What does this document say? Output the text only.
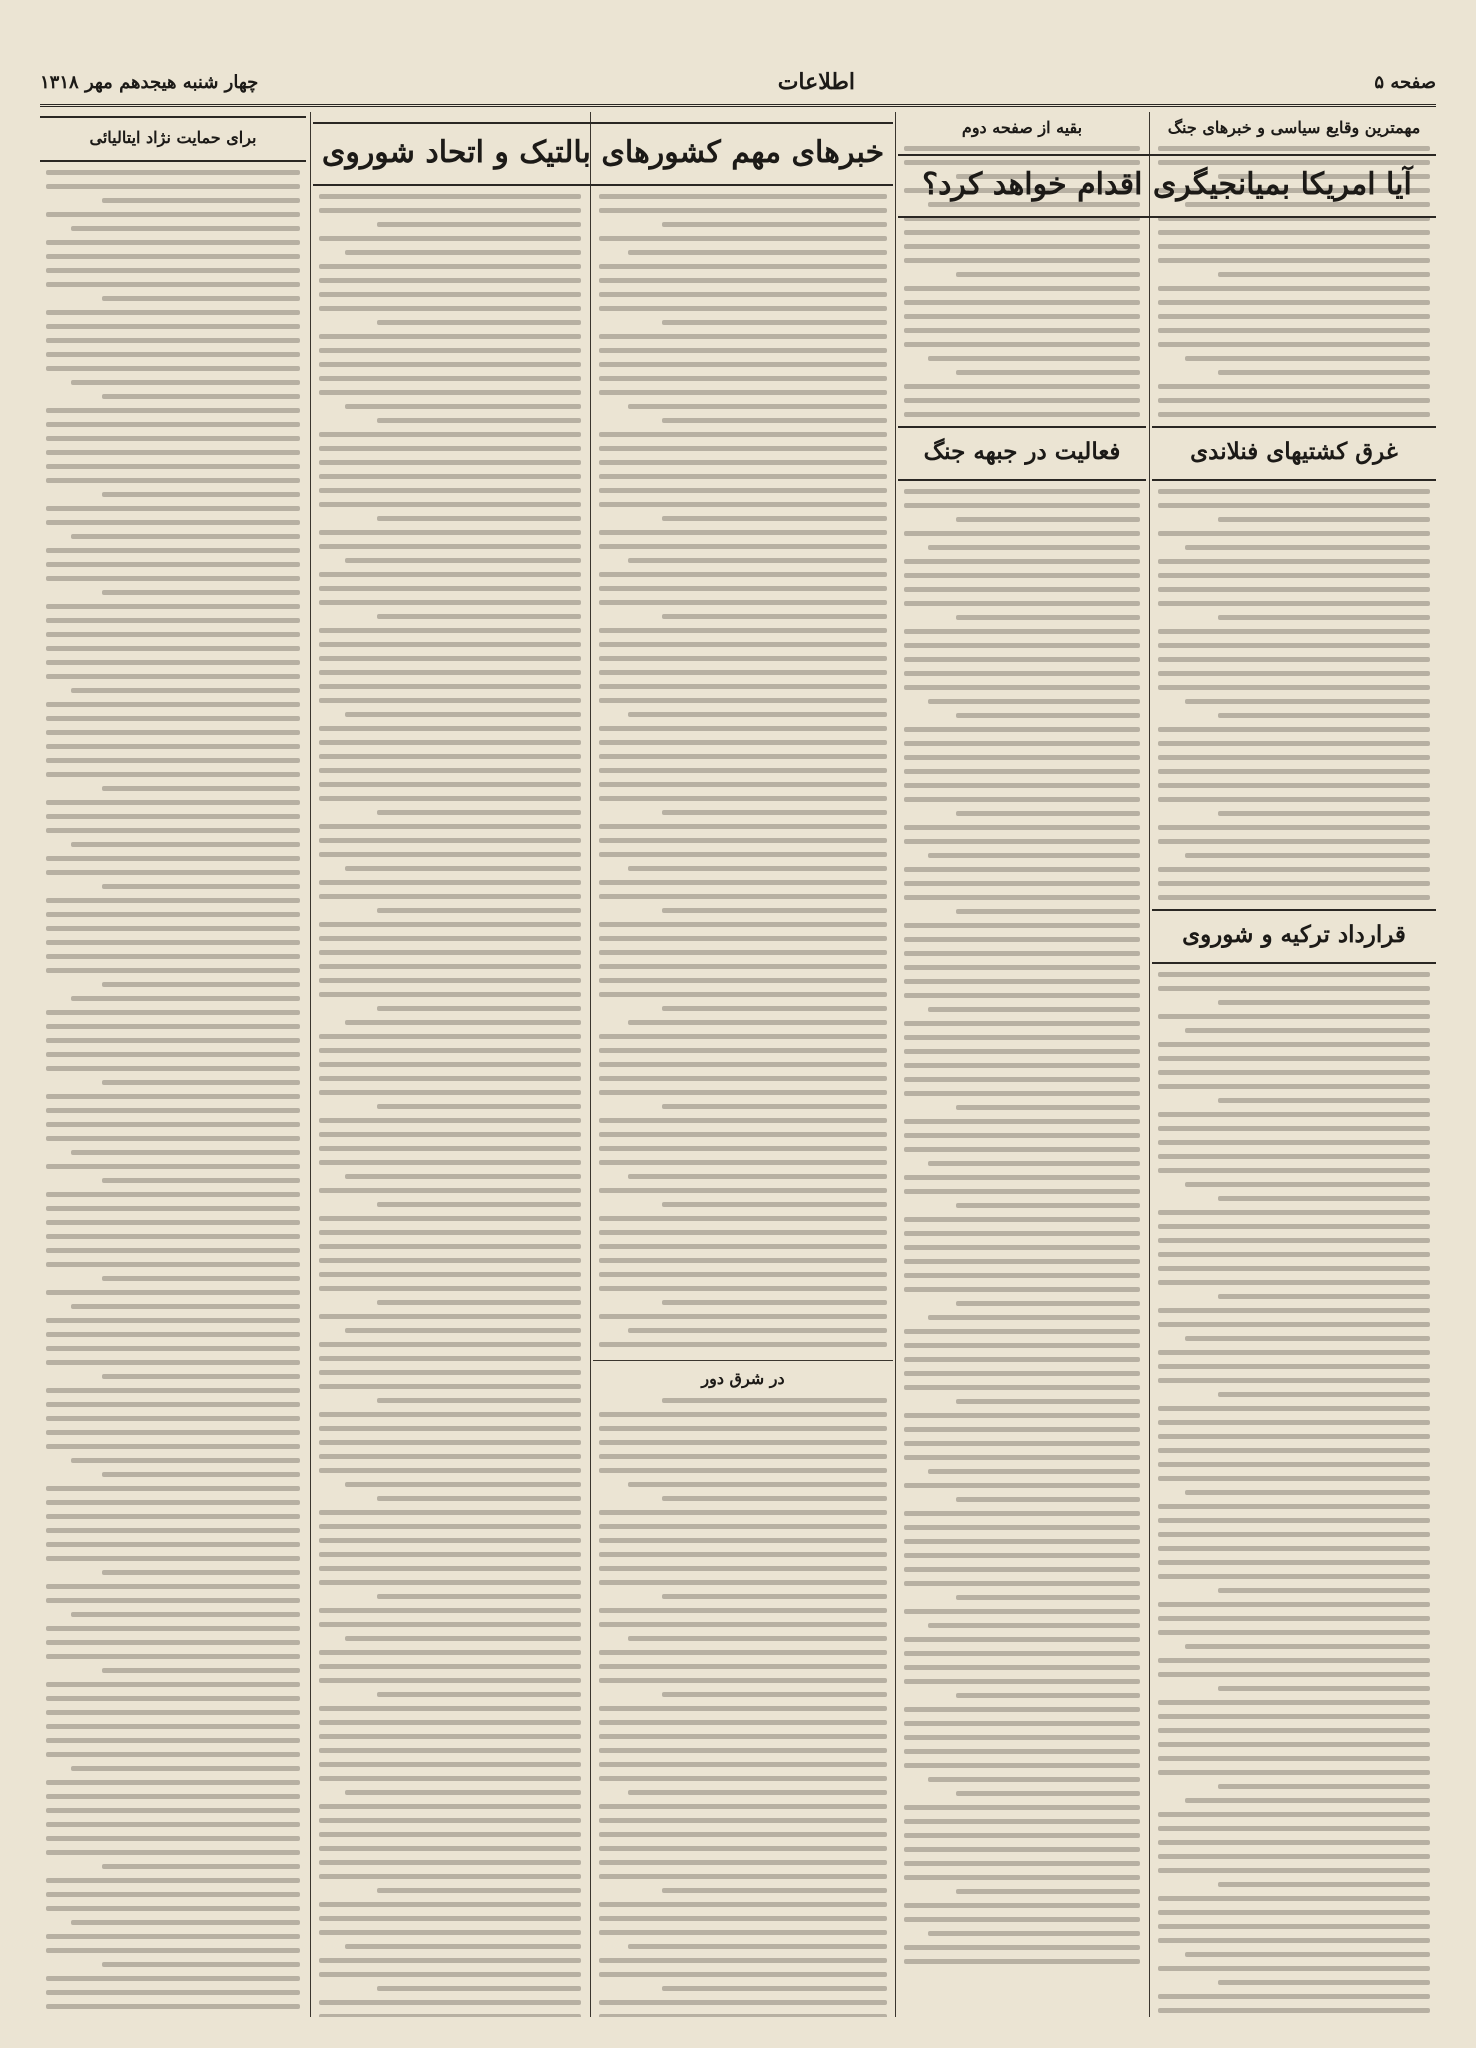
چهار شنبه هیجدهم مهر ۱۳۱۸	اطلاعات	صفحه ۵
مهمترین وقایع سیاسی و خبرهای جنگ
غرق کشتیهای فنلاندی
قرارداد ترکیه و شوروی
بقیه از صفحه دوم
فعالیت در جبهه جنگ
آیا امریکا بمیانجیگری اقدام خواهد کرد؟
خبرهای مهم کشورهای بالتیک و اتحاد شوروی
برای حمایت نژاد ایتالیائی
در شرق دور
